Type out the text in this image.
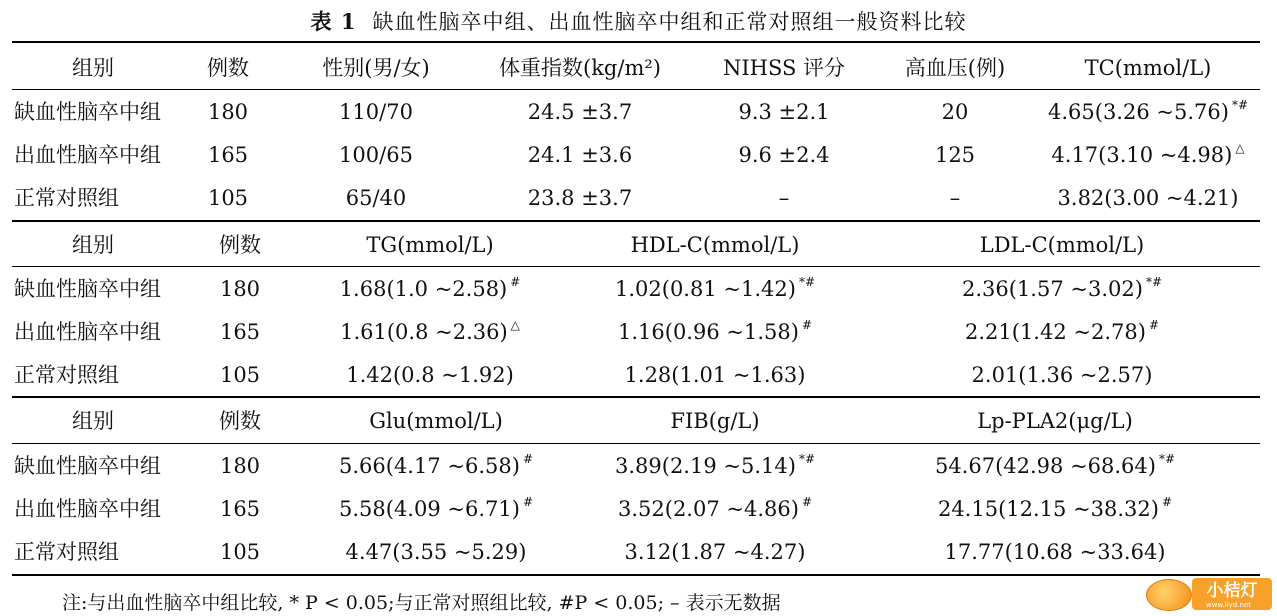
表 1 缺血性脑卒中组、出血性脑卒中组和正常对照组一般资料比较
组别	例数	性别(男/女)	体重指数(kg/m²)	NIHSS 评分	高血压(例)	TC(mmol/L)
缺血性脑卒中组 180	110/70	24.5 ±3.7	9.3 ±2.1	20	4.65(3.26 ~5.76) *#
出血性脑卒中组 165	100/65	24.1 ±3.6	9.6 ±2.4	125	4.17(3.10 ~4.98) △
正常对照组	105	65/40	23.8 ±3.7	–	–	3.82(3.00 ~4.21)
组别	例数	TG(mmol/L)	HDL-C(mmol/L)	LDL-C(mmol/L)
缺血性脑卒中组	180	1.68(1.0 ~2.58) #	1.02(0.81 ~1.42) *#	2.36(1.57 ~3.02) *#
出血性脑卒中组	165	1.61(0.8 ~2.36) △	1.16(0.96 ~1.58) #	2.21(1.42 ~2.78) #
正常对照组	105	1.42(0.8 ~1.92)	1.28(1.01 ~1.63)	2.01(1.36 ~2.57)
组别	例数	Glu(mmol/L)	FIB(g/L)	Lp-PLA2(μg/L)
缺血性脑卒中组	180	5.66(4.17 ~6.58) #	3.89(2.19 ~5.14) *#	54.67(42.98 ~68.64) *#
出血性脑卒中组	165	5.58(4.09 ~6.71) #	3.52(2.07 ~4.86) #	24.15(12.15 ~38.32) #
正常对照组	105	4.47(3.55 ~5.29)	3.12(1.87 ~4.27)	17.77(10.68 ~33.64)
注:与出血性脑卒中组比较, * P < 0.05;与正常对照组比较, #P < 0.05; – 表示无数据
小桔灯
www.liyd.net
